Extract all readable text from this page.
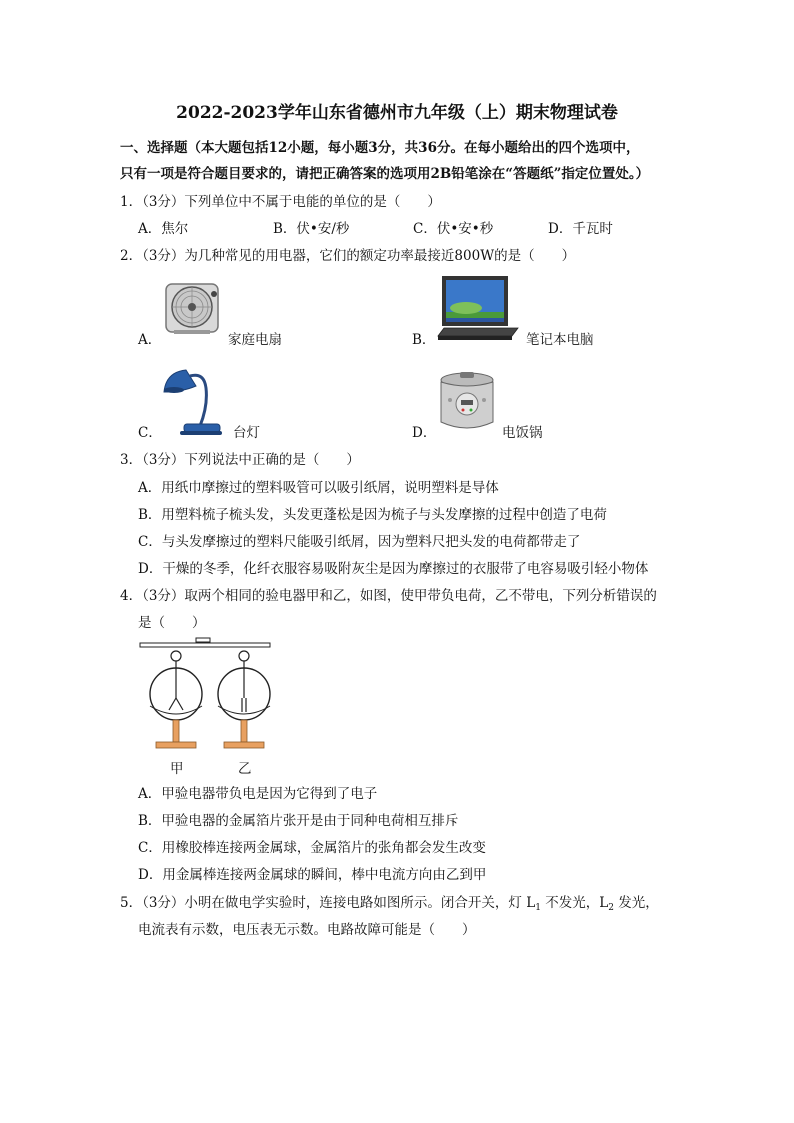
2022-2023学年山东省德州市九年级（上）期末物理试卷
一、选择题（本大题包括12小题，每小题3分，共36分。在每小题给出的四个选项中，
只有一项是符合题目要求的，请把正确答案的选项用2B铅笔涂在“答题纸”指定位置处。）
1．（3分）下列单位中不属于电能的单位的是（　　）
A．焦尔	B．伏•安/秒	C．伏•安•秒	D．千瓦时
2．（3分）为几种常见的用电器，它们的额定功率最接近800W的是（　　）
A．	家庭电扇	B．	笔记本电脑
C．	台灯	D．	电饭锅
3．（3分）下列说法中正确的是（　　）
A．用纸巾摩擦过的塑料吸管可以吸引纸屑，说明塑料是导体
B．用塑料梳子梳头发，头发更蓬松是因为梳子与头发摩擦的过程中创造了电荷
C．与头发摩擦过的塑料尺能吸引纸屑，因为塑料尺把头发的电荷都带走了
D．干燥的冬季，化纤衣服容易吸附灰尘是因为摩擦过的衣服带了电容易吸引轻小物体
4．（3分）取两个相同的验电器甲和乙，如图，使甲带负电荷，乙不带电，下列分析错误的
是（　　）
甲	乙
A．甲验电器带负电是因为它得到了电子
B．甲验电器的金属箔片张开是由于同种电荷相互排斥
C．用橡胶棒连接两金属球，金属箔片的张角都会发生改变
D．用金属棒连接两金属球的瞬间，棒中电流方向由乙到甲
5．（3分）小明在做电学实验时，连接电路如图所示。闭合开关，灯 $L_1$ 不发光，$L_2$ 发光，
电流表有示数，电压表无示数。电路故障可能是（　　）
